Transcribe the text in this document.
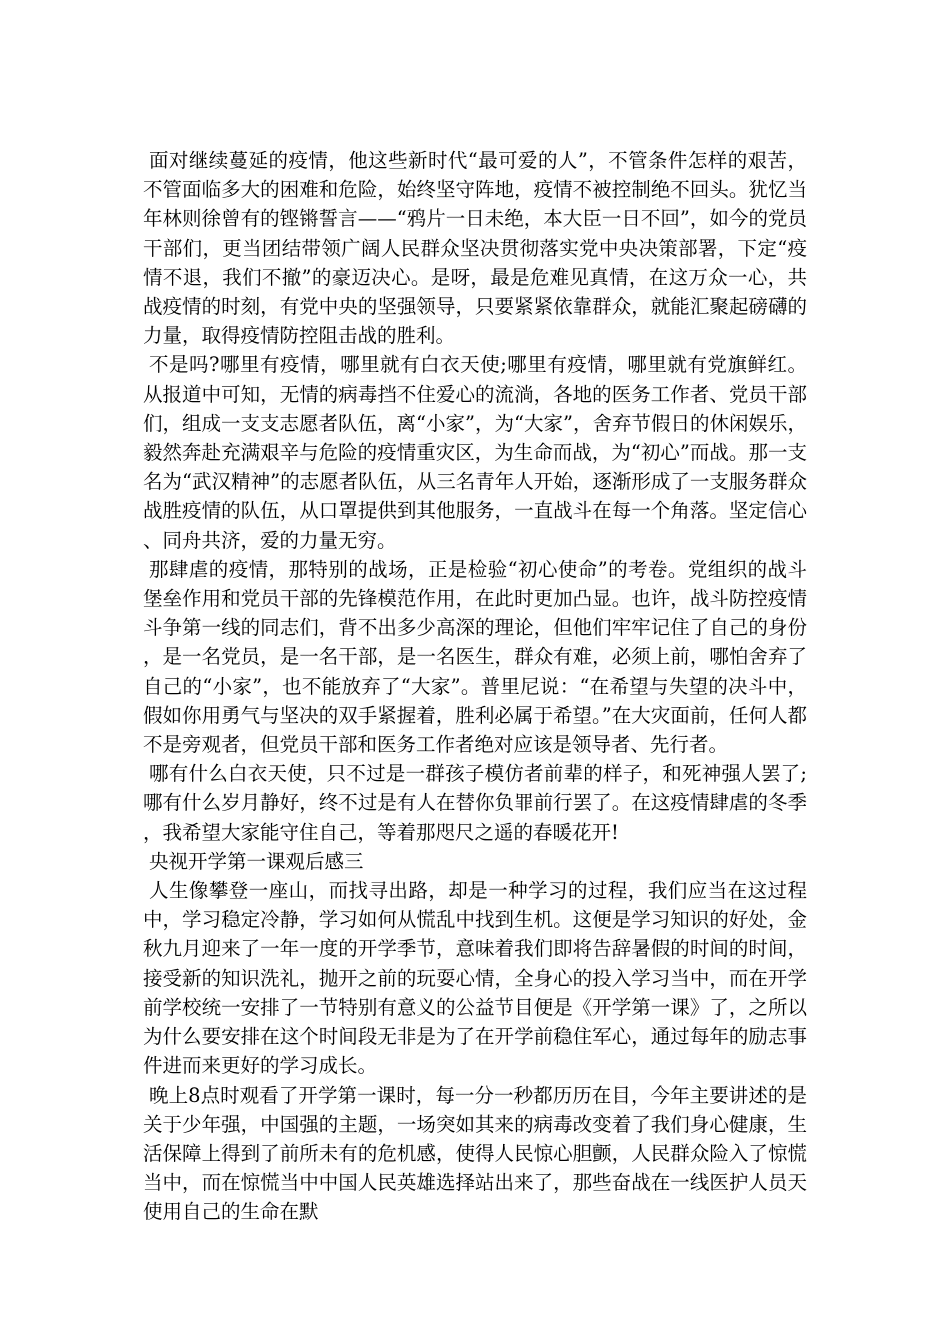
面对继续蔓延的疫情，他这些新时代“最可爱的人”，不管条件怎样的艰苦，不管面临多大的困难和危险，始终坚守阵地，疫情不被控制绝不回头。犹忆当年林则徐曾有的铿锵誓言——“鸦片一日未绝，本大臣一日不回”，如今的党员干部们，更当团结带领广阔人民群众坚决贯彻落实党中央决策部署，下定“疫情不退，我们不撤”的豪迈决心。是呀，最是危难见真情，在这万众一心，共战疫情的时刻，有党中央的坚强领导，只要紧紧依靠群众，就能汇聚起磅礴的力量，取得疫情防控阻击战的胜利。

不是吗?哪里有疫情，哪里就有白衣天使;哪里有疫情，哪里就有党旗鲜红。从报道中可知，无情的病毒挡不住爱心的流淌，各地的医务工作者、党员干部们，组成一支支志愿者队伍，离“小家”，为“大家”，舍弃节假日的休闲娱乐，毅然奔赴充满艰辛与危险的疫情重灾区，为生命而战，为“初心”而战。那一支名为“武汉精神”的志愿者队伍，从三名青年人开始，逐渐形成了一支服务群众战胜疫情的队伍，从口罩提供到其他服务，一直战斗在每一个角落。坚定信心、同舟共济，爱的力量无穷。

那肆虐的疫情，那特别的战场，正是检验“初心使命”的考卷。党组织的战斗堡垒作用和党员干部的先锋模范作用，在此时更加凸显。也许，战斗防控疫情斗争第一线的同志们，背不出多少高深的理论，但他们牢牢记住了自己的身份，是一名党员，是一名干部，是一名医生，群众有难，必须上前，哪怕舍弃了自己的“小家”，也不能放弃了“大家”。普里尼说：“在希望与失望的决斗中，假如你用勇气与坚决的双手紧握着，胜利必属于希望。”在大灾面前，任何人都不是旁观者，但党员干部和医务工作者绝对应该是领导者、先行者。

哪有什么白衣天使，只不过是一群孩子模仿者前辈的样子，和死神强人罢了;哪有什么岁月静好，终不过是有人在替你负罪前行罢了。在这疫情肆虐的冬季，我希望大家能守住自己，等着那咫尺之遥的春暖花开!

央视开学第一课观后感三

人生像攀登一座山，而找寻出路，却是一种学习的过程，我们应当在这过程中，学习稳定冷静，学习如何从慌乱中找到生机。这便是学习知识的好处，金秋九月迎来了一年一度的开学季节，意味着我们即将告辞暑假的时间的时间，接受新的知识洗礼，抛开之前的玩耍心情，全身心的投入学习当中，而在开学前学校统一安排了一节特别有意义的公益节目便是《开学第一课》了，之所以为什么要安排在这个时间段无非是为了在开学前稳住军心，通过每年的励志事件进而来更好的学习成长。

晚上8点时观看了开学第一课时，每一分一秒都历历在目，今年主要讲述的是关于少年强，中国强的主题，一场突如其来的病毒改变着了我们身心健康，生活保障上得到了前所未有的危机感，使得人民惊心胆颤，人民群众险入了惊慌当中，而在惊慌当中中国人民英雄选择站出来了，那些奋战在一线医护人员天使用自己的生命在默
